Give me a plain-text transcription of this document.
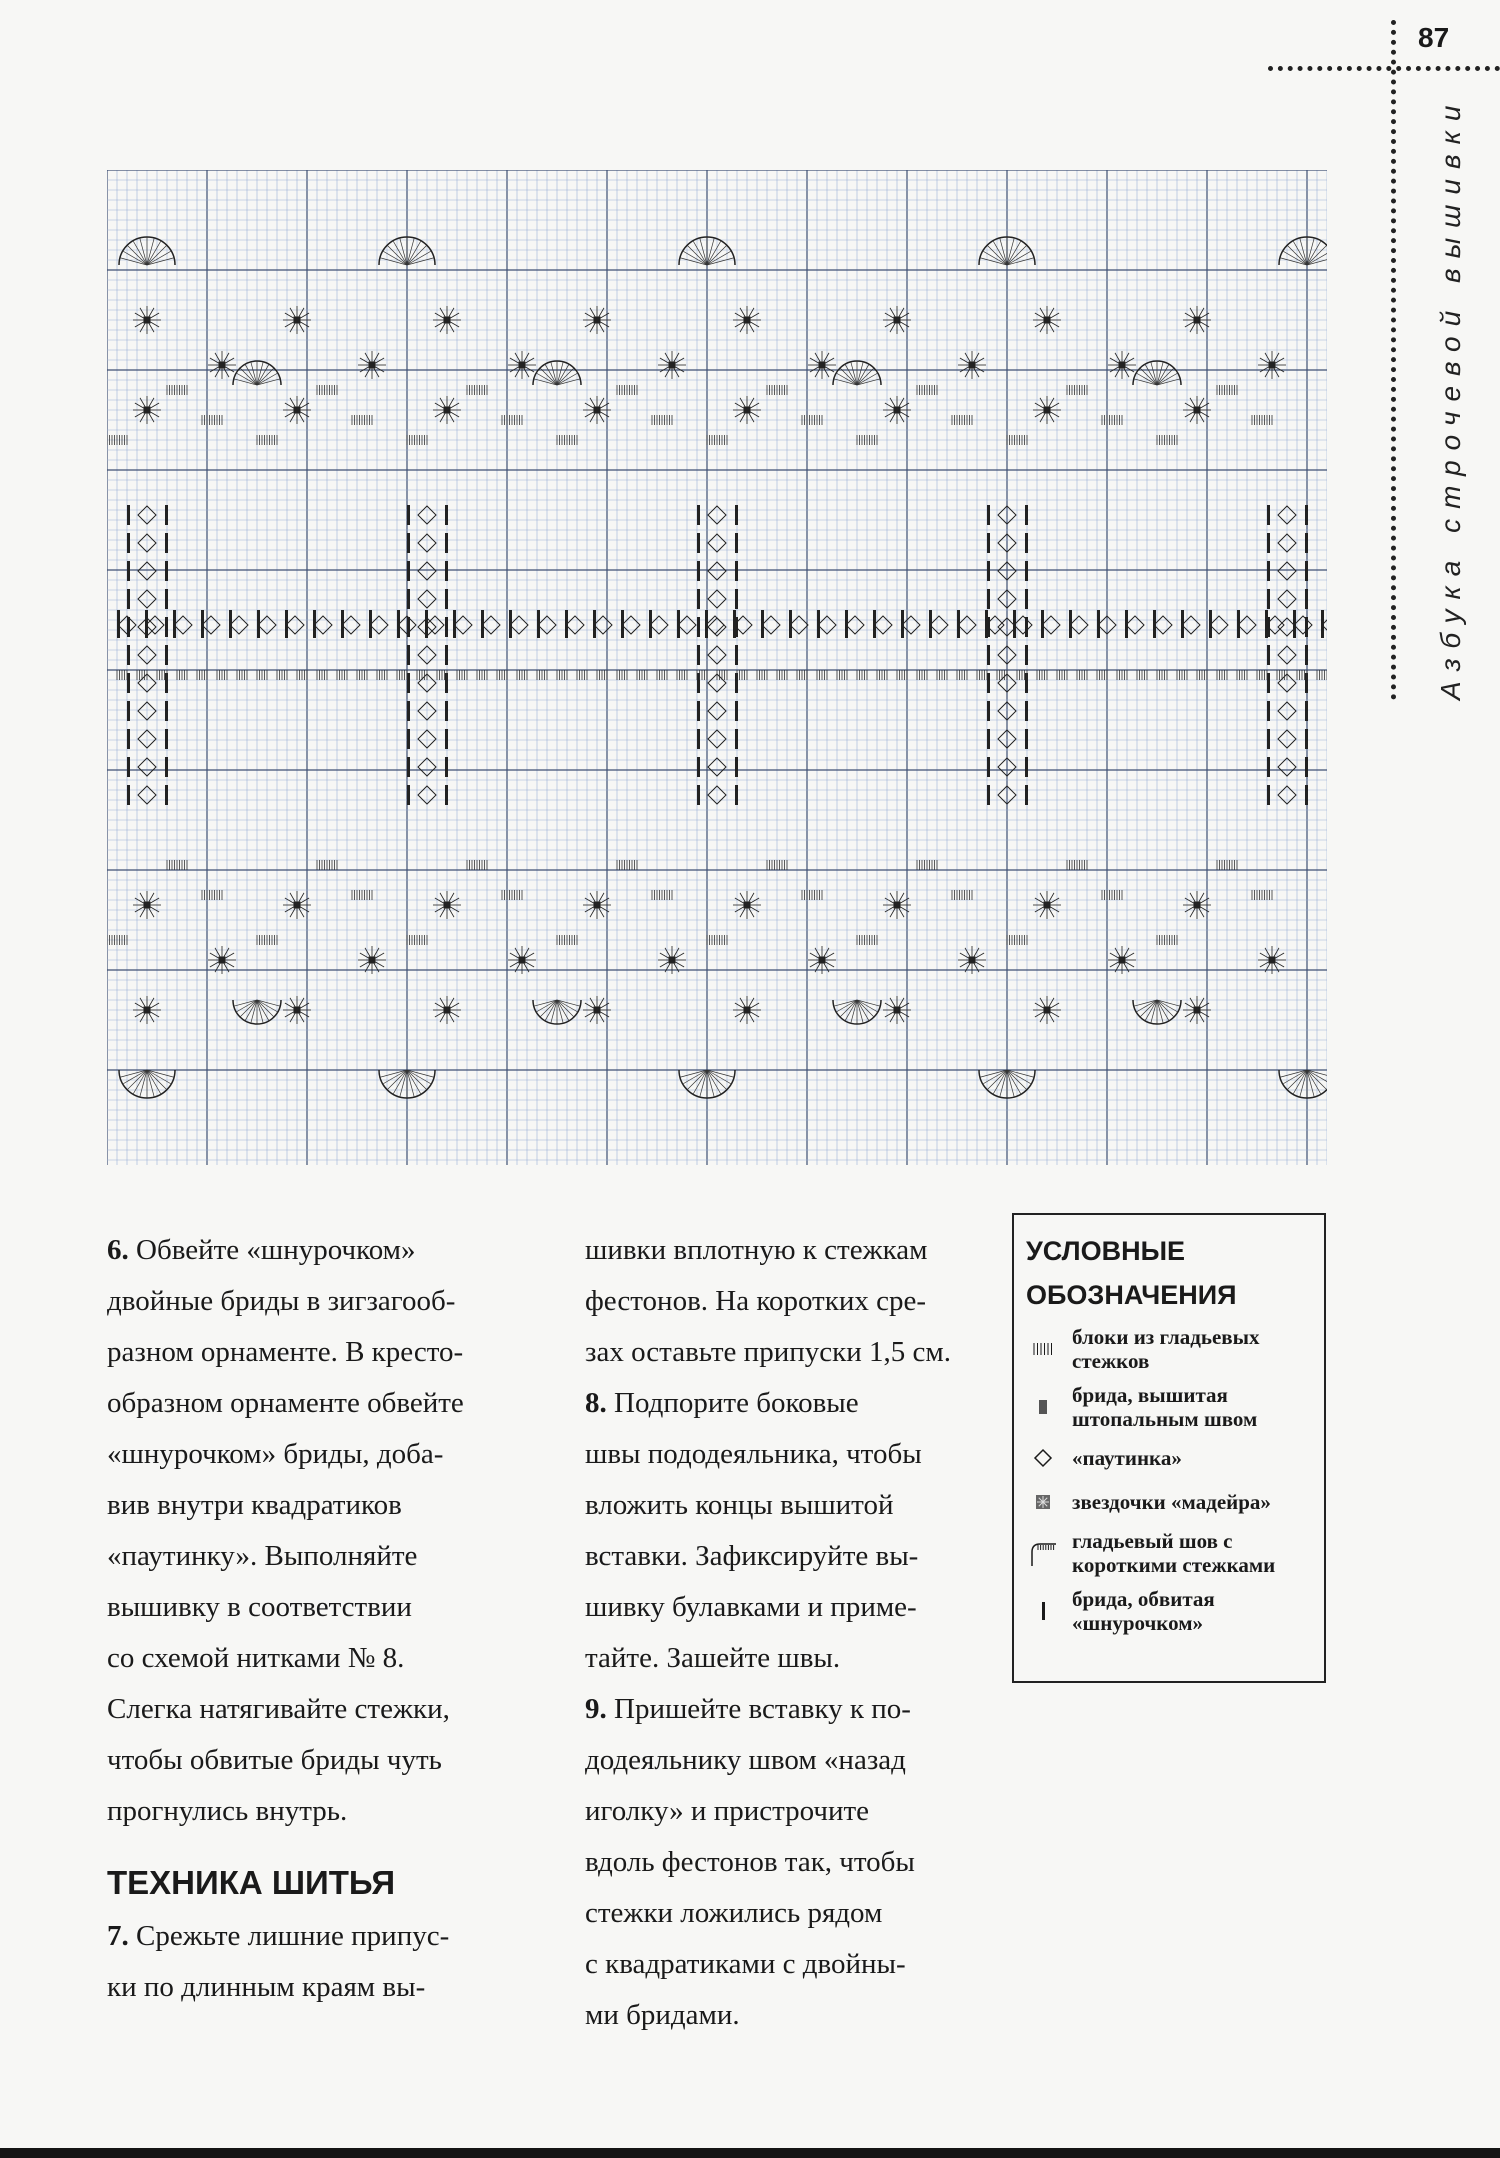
87
Азбука строчевой вышивки

6. Обвейте «шнурочком»
двойные бриды в зигзагооб-
разном орнаменте. В кресто-
образном орнаменте обвейте
«шнурочком» бриды, доба-
вив внутри квадратиков
«паутинку». Выполняйте
вышивку в соответствии
со схемой нитками № 8.
Слегка натягивайте стежки,
чтобы обвитые бриды чуть
прогнулись внутрь.

ТЕХНИКА ШИТЬЯ

7. Срежьте лишние припус-
ки по длинным краям вы-

шивки вплотную к стежкам
фестонов. На коротких сре-
зах оставьте припуски 1,5 см.

8. Подпорите боковые
швы пододеяльника, чтобы
вложить концы вышитой
вставки. Зафиксируйте вы-
шивку булавками и приме-
тайте. Зашейте швы.

9. Пришейте вставку к по-
додеяльнику швом «назад
иголку» и пристрочите
вдоль фестонов так, чтобы
стежки ложились рядом
с квадратиками с двойны-
ми бридами.

УСЛОВНЫЕ
ОБОЗНАЧЕНИЯ
блоки из гладьевых
стежков
брида, вышитая
штопальным швом
«паутинка»
звездочки «мадейра»
гладьевый шов с
короткими стежками
брида, обвитая
«шнурочком»
